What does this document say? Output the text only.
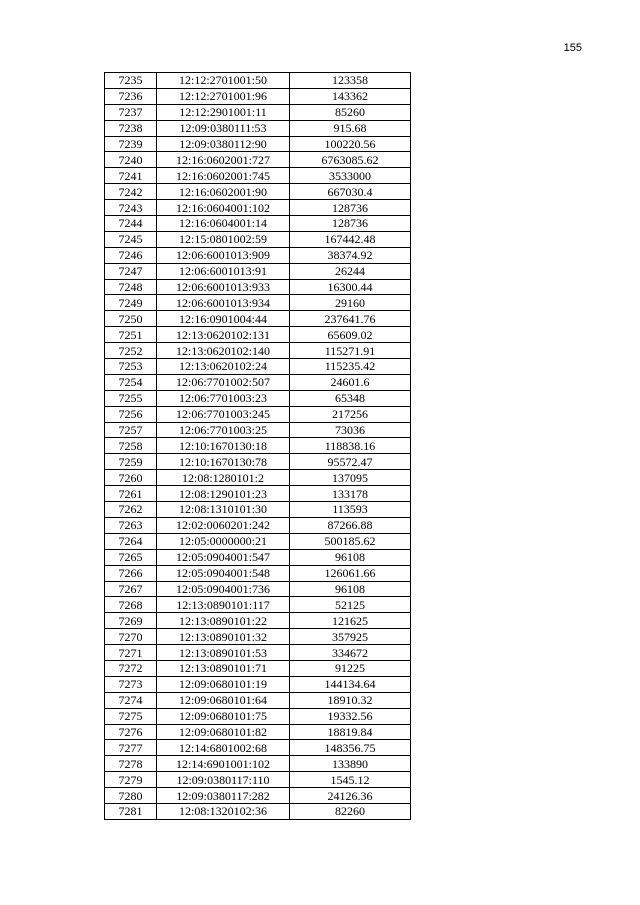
155
7235	12:12:2701001:50	123358
7236	12:12:2701001:96	143362
7237	12:12:2901001:11	85260
7238	12:09:0380111:53	915.68
7239	12:09:0380112:90	100220.56
7240	12:16:0602001:727	6763085.62
7241	12:16:0602001:745	3533000
7242	12:16:0602001:90	667030.4
7243	12:16:0604001:102	128736
7244	12:16:0604001:14	128736
7245	12:15:0801002:59	167442.48
7246	12:06:6001013:909	38374.92
7247	12:06:6001013:91	26244
7248	12:06:6001013:933	16300.44
7249	12:06:6001013:934	29160
7250	12:16:0901004:44	237641.76
7251	12:13:0620102:131	65609.02
7252	12:13:0620102:140	115271.91
7253	12:13:0620102:24	115235.42
7254	12:06:7701002:507	24601.6
7255	12:06:7701003:23	65348
7256	12:06:7701003:245	217256
7257	12:06:7701003:25	73036
7258	12:10:1670130:18	118838.16
7259	12:10:1670130:78	95572.47
7260	12:08:1280101:2	137095
7261	12:08:1290101:23	133178
7262	12:08:1310101:30	113593
7263	12:02:0060201:242	87266.88
7264	12:05:0000000:21	500185.62
7265	12:05:0904001:547	96108
7266	12:05:0904001:548	126061.66
7267	12:05:0904001:736	96108
7268	12:13:0890101:117	52125
7269	12:13:0890101:22	121625
7270	12:13:0890101:32	357925
7271	12:13:0890101:53	334672
7272	12:13:0890101:71	91225
7273	12:09:0680101:19	144134.64
7274	12:09:0680101:64	18910.32
7275	12:09:0680101:75	19332.56
7276	12:09:0680101:82	18819.84
7277	12:14:6801002:68	148356.75
7278	12:14:6901001:102	133890
7279	12:09:0380117:110	1545.12
7280	12:09:0380117:282	24126.36
7281	12:08:1320102:36	82260
